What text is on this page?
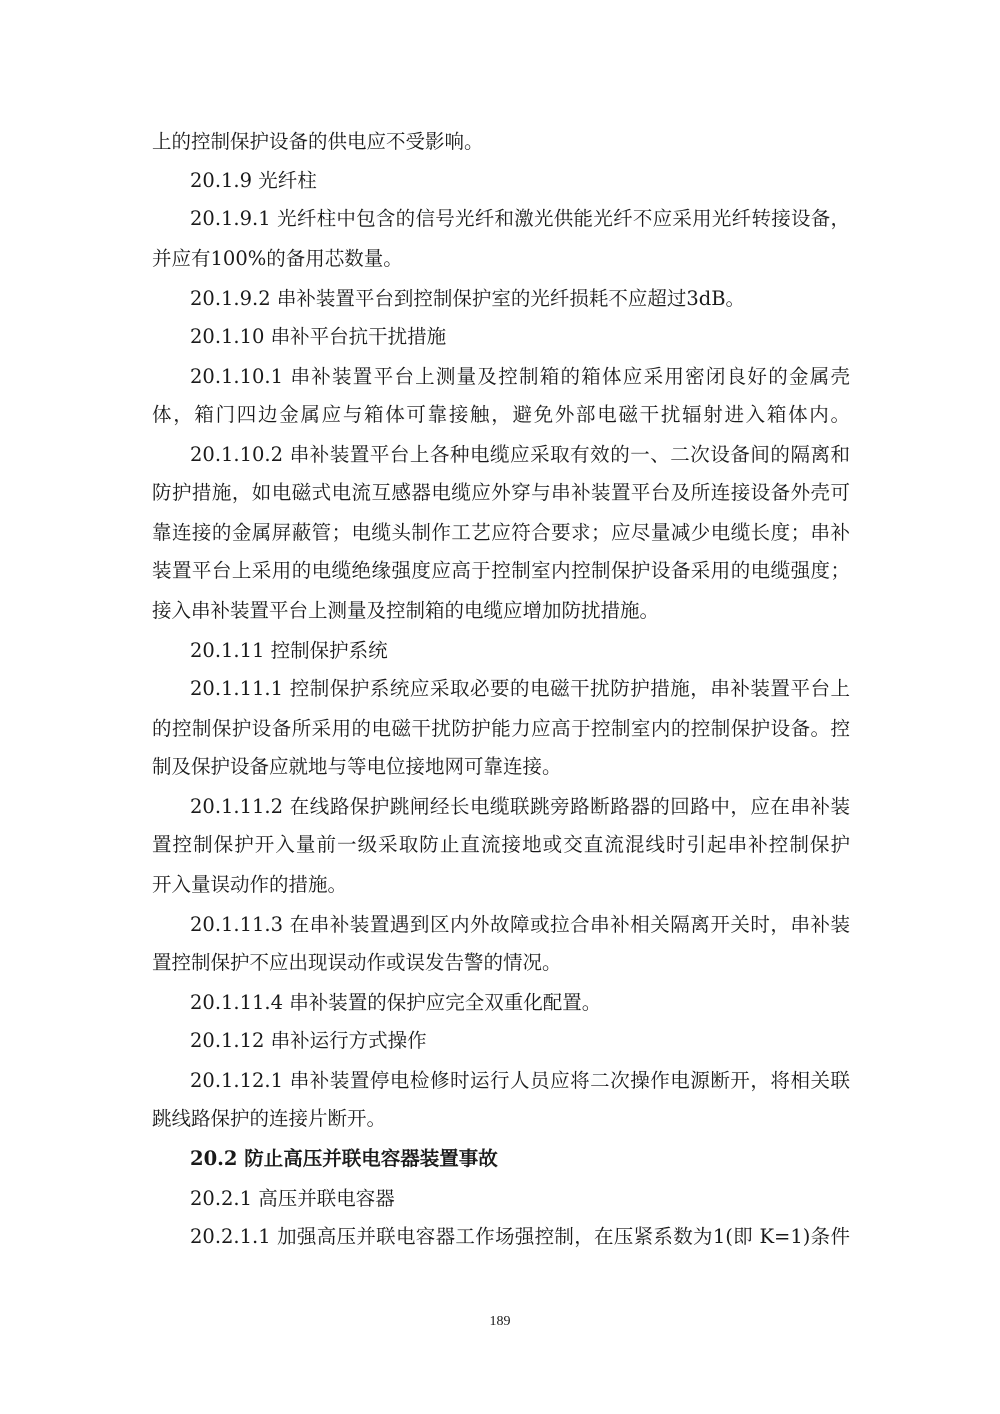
上的控制保护设备的供电应不受影响。
20.1.9 光纤柱
20.1.9.1 光纤柱中包含的信号光纤和激光供能光纤不应采用光纤转接设备，
并应有100%的备用芯数量。
20.1.9.2 串补装置平台到控制保护室的光纤损耗不应超过3dB。
20.1.10 串补平台抗干扰措施
20.1.10.1 串补装置平台上测量及控制箱的箱体应采用密闭良好的金属壳
体，箱门四边金属应与箱体可靠接触，避免外部电磁干扰辐射进入箱体内。
20.1.10.2 串补装置平台上各种电缆应采取有效的一、二次设备间的隔离和
防护措施，如电磁式电流互感器电缆应外穿与串补装置平台及所连接设备外壳可
靠连接的金属屏蔽管；电缆头制作工艺应符合要求；应尽量减少电缆长度；串补
装置平台上采用的电缆绝缘强度应高于控制室内控制保护设备采用的电缆强度；
接入串补装置平台上测量及控制箱的电缆应增加防扰措施。
20.1.11 控制保护系统
20.1.11.1 控制保护系统应采取必要的电磁干扰防护措施，串补装置平台上
的控制保护设备所采用的电磁干扰防护能力应高于控制室内的控制保护设备。控
制及保护设备应就地与等电位接地网可靠连接。
20.1.11.2 在线路保护跳闸经长电缆联跳旁路断路器的回路中，应在串补装
置控制保护开入量前一级采取防止直流接地或交直流混线时引起串补控制保护
开入量误动作的措施。
20.1.11.3 在串补装置遇到区内外故障或拉合串补相关隔离开关时，串补装
置控制保护不应出现误动作或误发告警的情况。
20.1.11.4 串补装置的保护应完全双重化配置。
20.1.12 串补运行方式操作
20.1.12.1 串补装置停电检修时运行人员应将二次操作电源断开，将相关联
跳线路保护的连接片断开。
20.2 防止高压并联电容器装置事故
20.2.1 高压并联电容器
20.2.1.1 加强高压并联电容器工作场强控制，在压紧系数为1(即 K=1)条件
189
